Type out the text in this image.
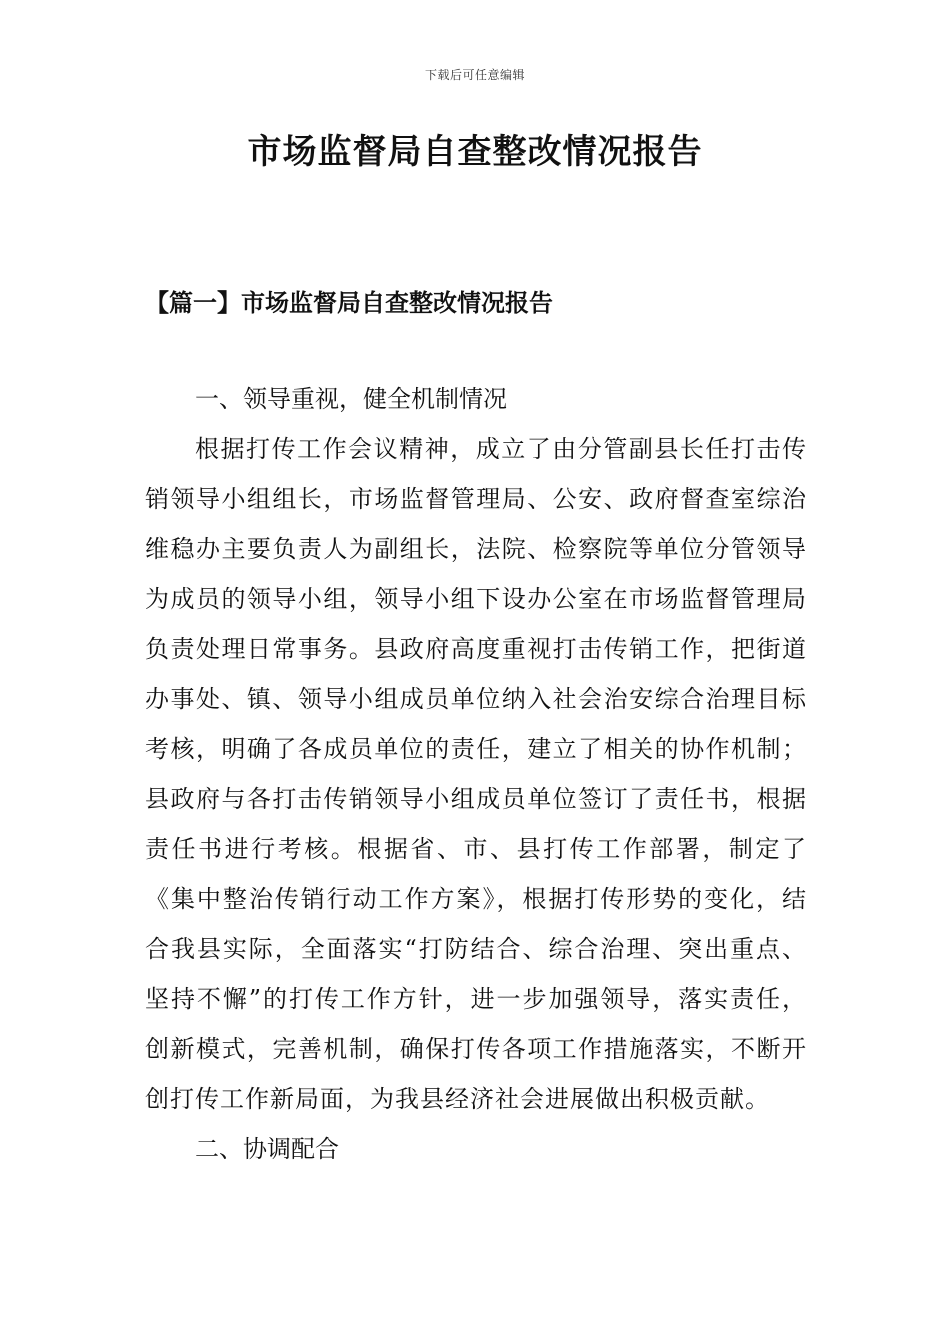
下载后可任意编辑
市场监督局自查整改情况报告
【篇一】市场监督局自查整改情况报告

一、领导重视，健全机制情况

根据打传工作会议精神，成立了由分管副县长任打击传销领导小组组长，市场监督管理局、公安、政府督查室综治维稳办主要负责人为副组长，法院、检察院等单位分管领导为成员的领导小组，领导小组下设办公室在市场监督管理局负责处理日常事务。县政府高度重视打击传销工作，把街道办事处、镇、领导小组成员单位纳入社会治安综合治理目标考核，明确了各成员单位的责任，建立了相关的协作机制；县政府与各打击传销领导小组成员单位签订了责任书，根据责任书进行考核。根据省、市、县打传工作部署，制定了《集中整治传销行动工作方案》，根据打传形势的变化，结合我县实际，全面落实“打防结合、综合治理、突出重点、坚持不懈”的打传工作方针，进一步加强领导，落实责任，创新模式，完善机制，确保打传各项工作措施落实，不断开创打传工作新局面，为我县经济社会进展做出积极贡献。

二、协调配合
